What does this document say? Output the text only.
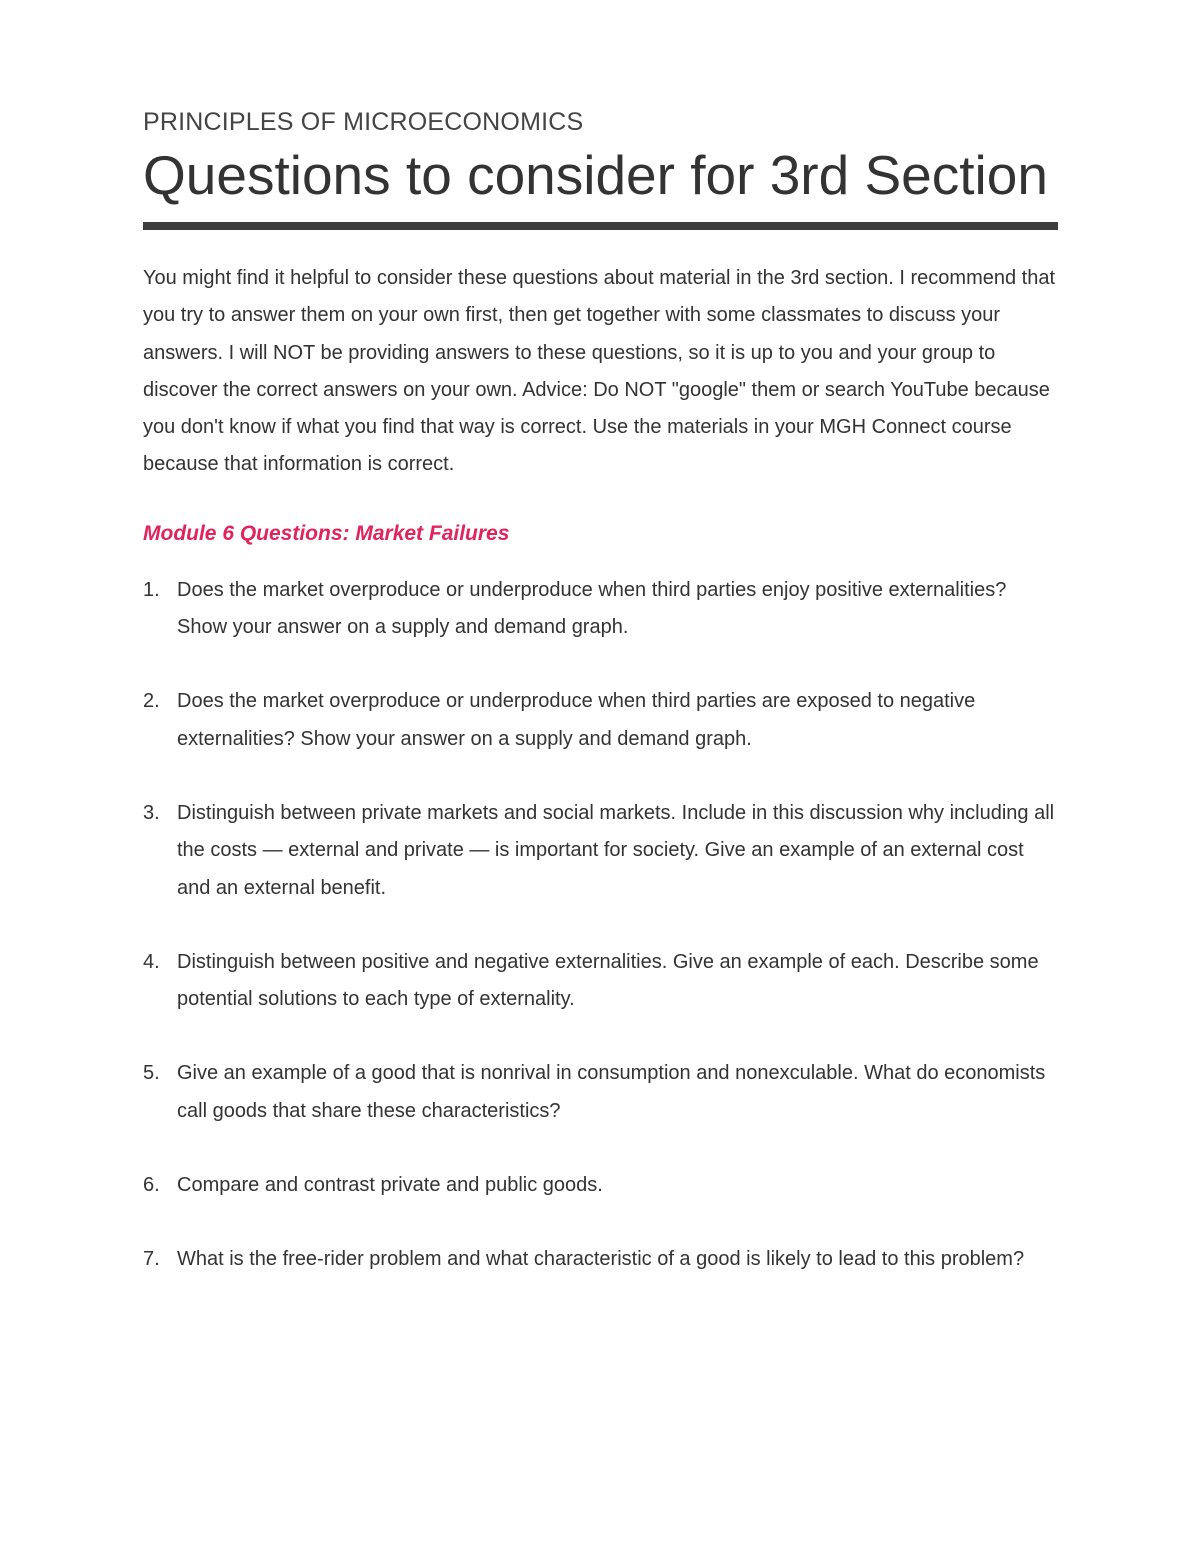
PRINCIPLES OF MICROECONOMICS
Questions to consider for 3rd Section

You might find it helpful to consider these questions about material in the 3rd section. I recommend that you try to answer them on your own first, then get together with some classmates to discuss your answers. I will NOT be providing answers to these questions, so it is up to you and your group to discover the correct answers on your own. Advice: Do NOT "google" them or search YouTube because you don't know if what you find that way is correct. Use the materials in your MGH Connect course because that information is correct.

Module 6 Questions: Market Failures
1. Does the market overproduce or underproduce when third parties enjoy positive externalities? Show your answer on a supply and demand graph.
2. Does the market overproduce or underproduce when third parties are exposed to negative externalities? Show your answer on a supply and demand graph.
3. Distinguish between private markets and social markets. Include in this discussion why including all the costs — external and private — is important for society. Give an example of an external cost and an external benefit.
4. Distinguish between positive and negative externalities. Give an example of each. Describe some potential solutions to each type of externality.
5. Give an example of a good that is nonrival in consumption and nonexculable. What do economists call goods that share these characteristics?
6. Compare and contrast private and public goods.
7. What is the free-rider problem and what characteristic of a good is likely to lead to this problem?
